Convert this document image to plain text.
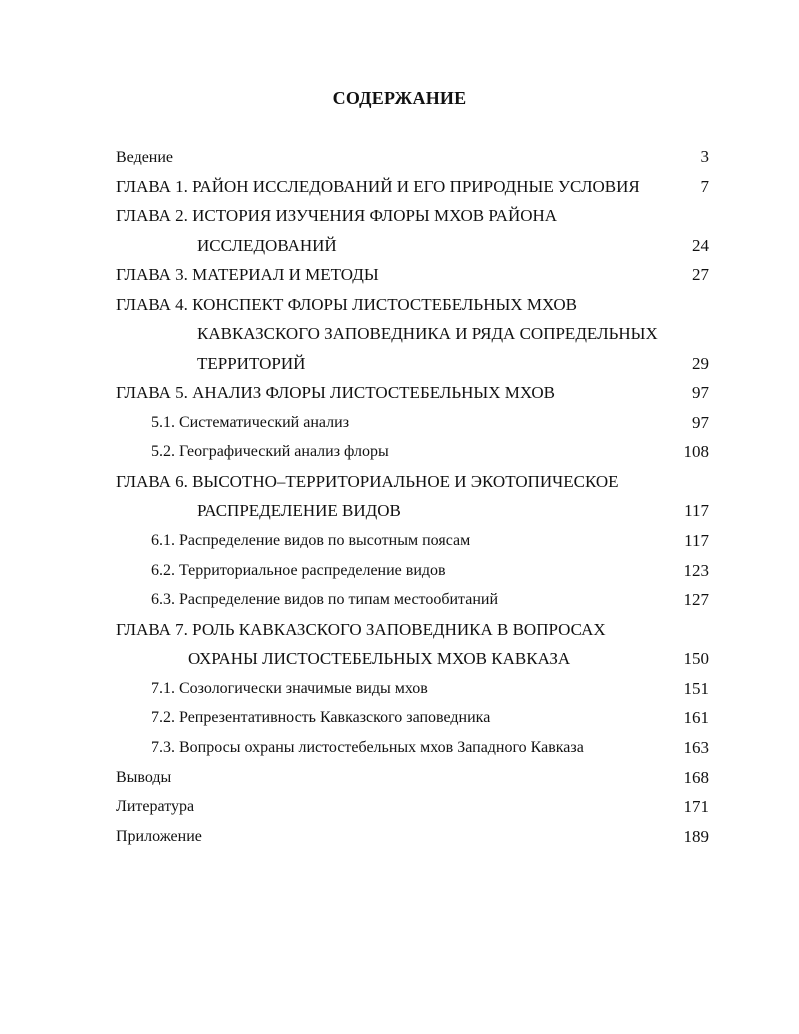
СОДЕРЖАНИЕ
Ведение	3
ГЛАВА 1. РАЙОН ИССЛЕДОВАНИЙ И ЕГО ПРИРОДНЫЕ УСЛОВИЯ	7
ГЛАВА 2. ИСТОРИЯ ИЗУЧЕНИЯ ФЛОРЫ МХОВ РАЙОНА
ИССЛЕДОВАНИЙ	24
ГЛАВА 3. МАТЕРИАЛ И МЕТОДЫ	27
ГЛАВА 4. КОНСПЕКТ ФЛОРЫ ЛИСТОСТЕБЕЛЬНЫХ МХОВ
КАВКАЗСКОГО ЗАПОВЕДНИКА И РЯДА СОПРЕДЕЛЬНЫХ
ТЕРРИТОРИЙ	29
ГЛАВА 5. АНАЛИЗ ФЛОРЫ ЛИСТОСТЕБЕЛЬНЫХ МХОВ	97
5.1. Систематический анализ	97
5.2. Географический анализ флоры	108
ГЛАВА 6. ВЫСОТНО–ТЕРРИТОРИАЛЬНОЕ И ЭКОТОПИЧЕСКОЕ
РАСПРЕДЕЛЕНИЕ ВИДОВ	117
6.1. Распределение видов по высотным поясам	117
6.2. Территориальное распределение видов	123
6.3. Распределение видов по типам местообитаний	127
ГЛАВА 7. РОЛЬ КАВКАЗСКОГО ЗАПОВЕДНИКА В ВОПРОСАХ
ОХРАНЫ ЛИСТОСТЕБЕЛЬНЫХ МХОВ КАВКАЗА	150
7.1. Созологически значимые виды мхов	151
7.2. Репрезентативность Кавказского заповедника	161
7.3. Вопросы охраны листостебельных мхов Западного Кавказа	163
Выводы	168
Литература	171
Приложение	189
